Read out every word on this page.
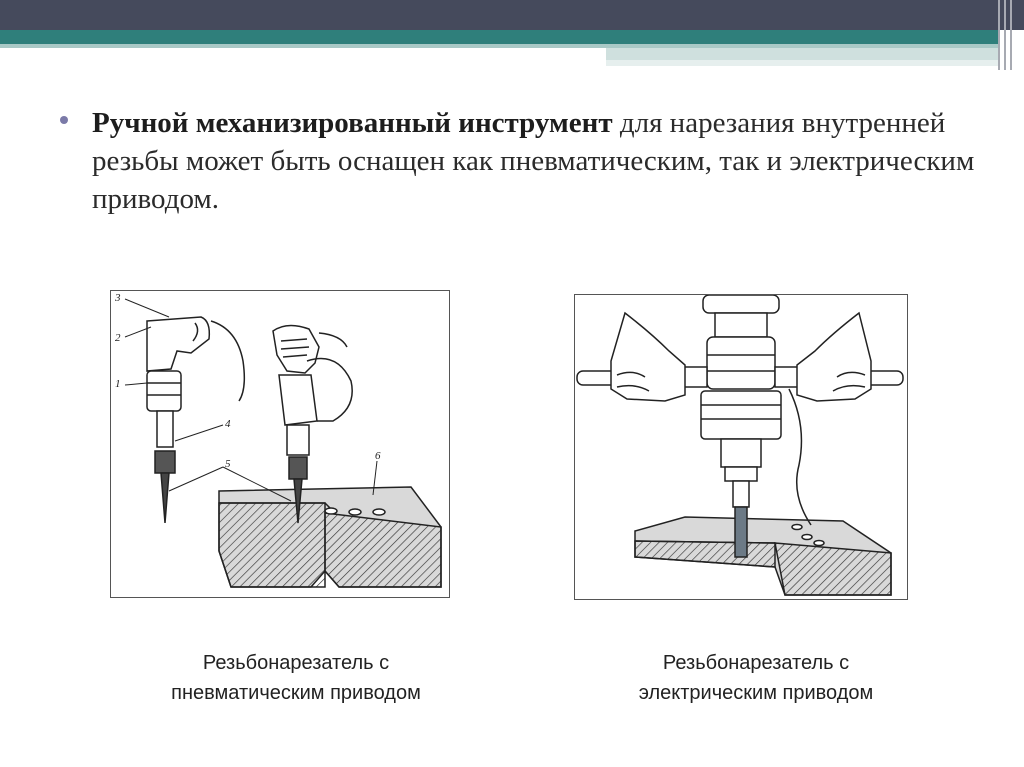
Ручной механизированный инструмент для нарезания внутренней резьбы может быть оснащен как пневматическим, так и электрическим приводом.
3
2
1
4
5
6
Резьбонарезатель с
пневматическим приводом
Резьбонарезатель с
электрическим приводом
